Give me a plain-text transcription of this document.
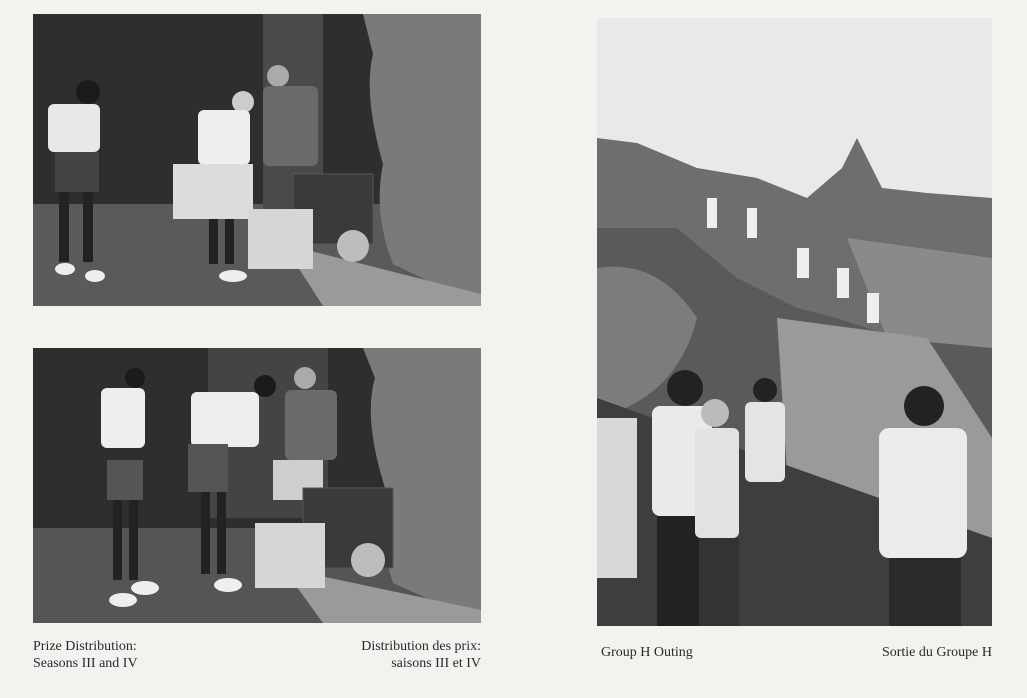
Prize Distribution:
Seasons III and IV
Distribution des prix:
saisons III et IV
Group H Outing	Sortie du Groupe H
